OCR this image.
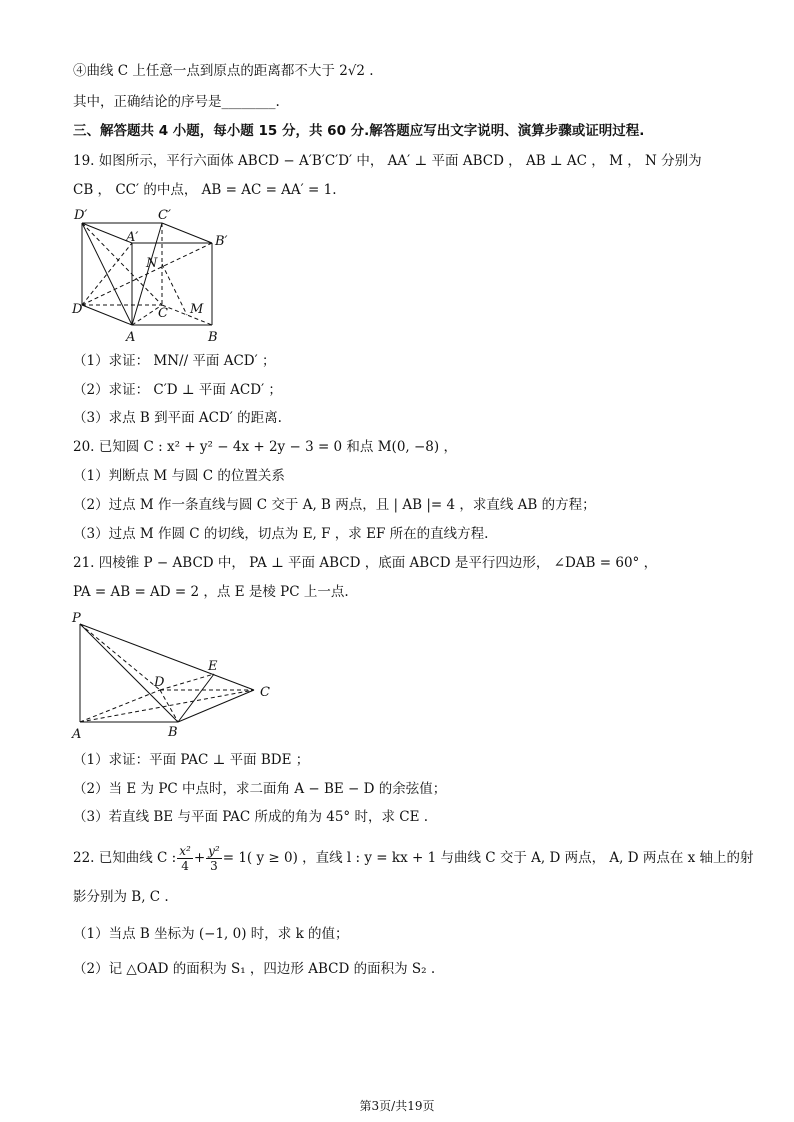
④曲线 C 上任意一点到原点的距离都不大于 2√2 .
其中，正确结论的序号是________.
三、解答题共 4 小题，每小题 15 分，共 60 分.解答题应写出文字说明、演算步骤或证明过程.
19. 如图所示，平行六面体 ABCD − A′B′C′D′ 中， AA′ ⊥ 平面 ABCD ， AB ⊥ AC ， M ， N 分别为
CB ， CC′ 的中点， AB = AC = AA′ = 1.
D′	C′
A′	B′
N
D	C M
A	B
（1）求证： MN// 平面 ACD′ ；
（2）求证： C′D ⊥ 平面 ACD′ ；
（3）求点 B 到平面 ACD′ 的距离.
20. 已知圆 C : x² + y² − 4x + 2y − 3 = 0 和点 M(0, −8) ，
（1）判断点 M 与圆 C 的位置关系
（2）过点 M 作一条直线与圆 C 交于 A, B 两点，且 | AB |= 4 ，求直线 AB 的方程；
（3）过点 M 作圆 C 的切线，切点为 E, F ，求 EF 所在的直线方程.
21. 四棱锥 P − ABCD 中， PA ⊥ 平面 ABCD ，底面 ABCD 是平行四边形， ∠DAB = 60° ，
PA = AB = AD = 2 ，点 E 是棱 PC 上一点.
P
E
D
C
A	B
（1）求证：平面 PAC ⊥ 平面 BDE ；
（2）当 E 为 PC 中点时，求二面角 A − BE − D 的余弦值；
（3）若直线 BE 与平面 PAC 所成的角为 45° 时，求 CE .
22. 已知曲线 C : $\frac{\text{x²}}{4} + \frac{\text{y²}}{3} = 1$( y ≥ 0) ，直线 l : y = kx + 1 与曲线 C 交于 A, D 两点， A, D 两点在 x 轴上的射
影分别为 B, C .
（1）当点 B 坐标为 (−1, 0) 时，求 k 的值；
（2）记 △OAD 的面积为 S₁ ，四边形 ABCD 的面积为 S₂ .
第3页/共19页
